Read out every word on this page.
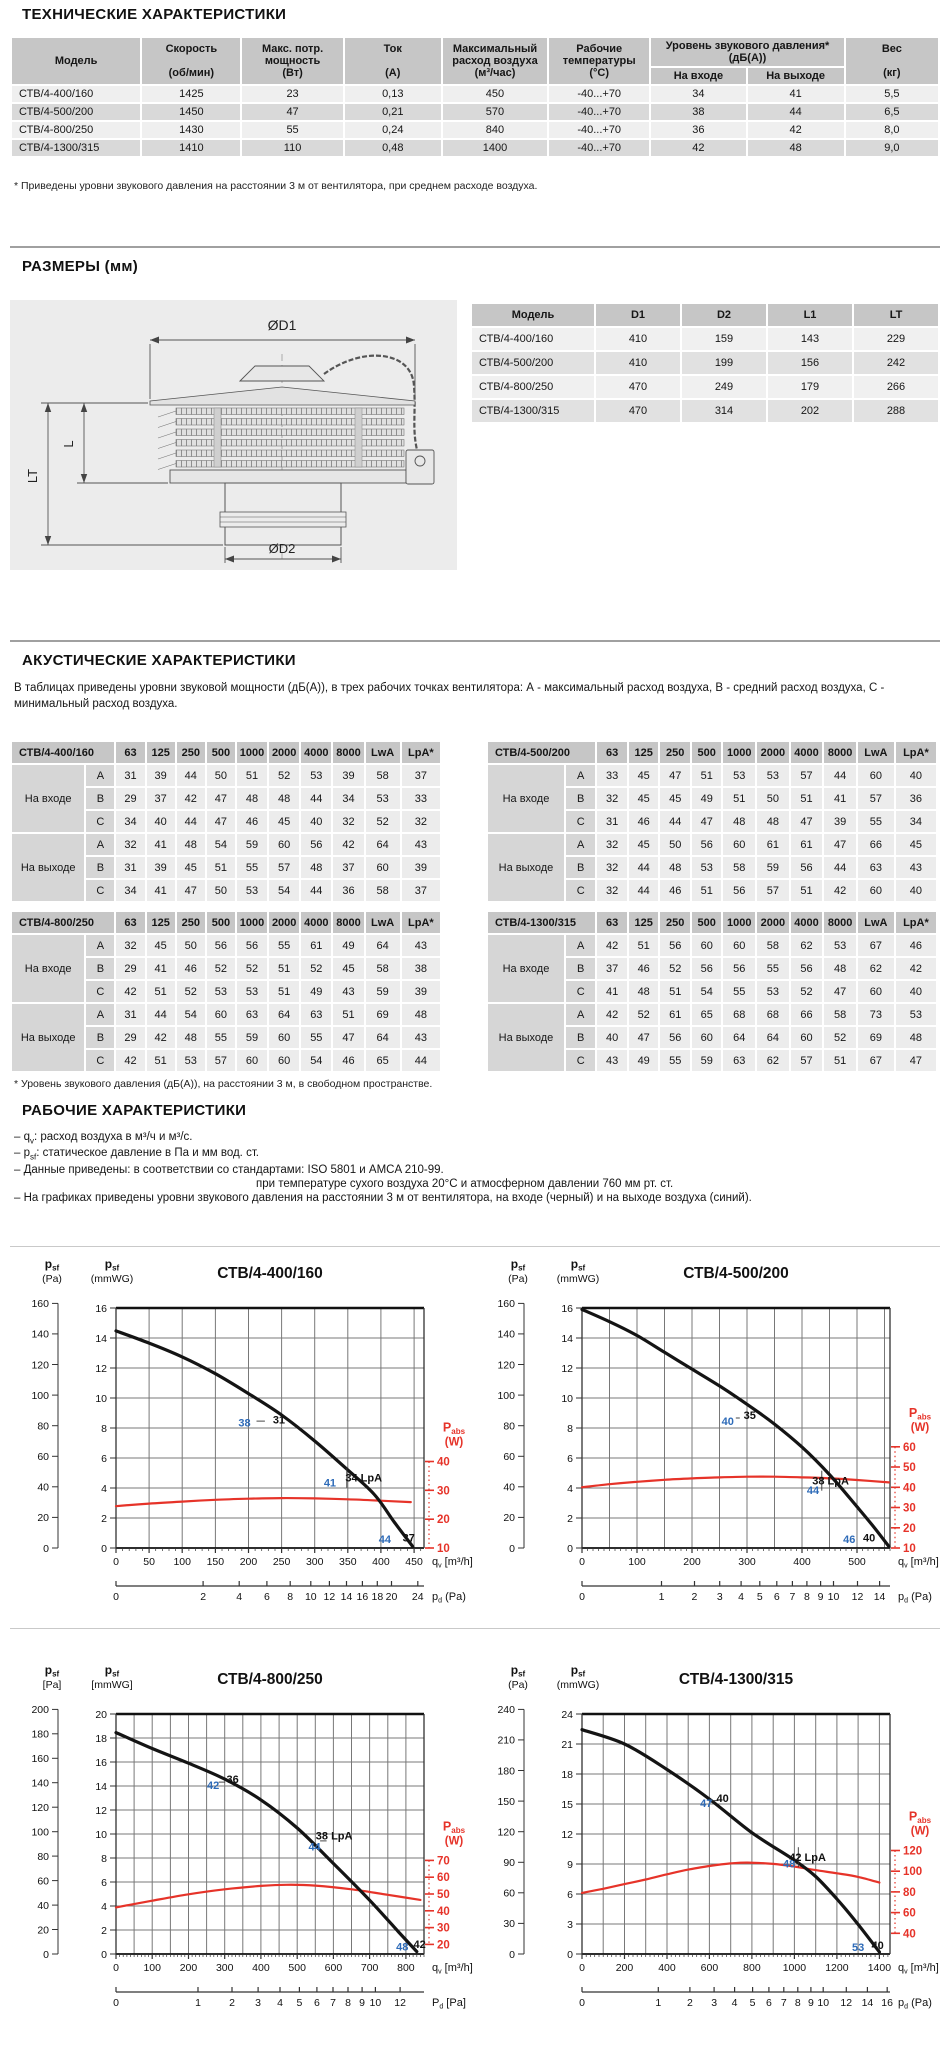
ТЕХНИЧЕСКИЕ ХАРАКТЕРИСТИКИ
Модель	Скорость

(об/мин)	Макс. потр.
мощность
(Вт)	Ток

(А)	Максимальный
расход воздуха
(м³/час)	Рабочие
температуры
(°С)	Уровень звукового давления*
(дБ(А))		Вес

(кг)
						На входе	На выходе	
СТВ/4-400/160	1425	23	0,13	450	-40...+70	34	41	5,5
СТВ/4-500/200	1450	47	0,21	570	-40...+70	38	44	6,5
СТВ/4-800/250	1430	55	0,24	840	-40...+70	36	42	8,0
СТВ/4-1300/315	1410	110	0,48	1400	-40...+70	42	48	9,0
* Приведены уровни звукового давления на расстоянии 3 м от вентилятора, при среднем расходе воздуха.
РАЗМЕРЫ (мм)
ØD1
ØD2
LT
L
Модель	D1	D2	L1	LT
СТВ/4-400/160	410	159	143	229
СТВ/4-500/200	410	199	156	242
СТВ/4-800/250	470	249	179	266
СТВ/4-1300/315	470	314	202	288
АКУСТИЧЕСКИЕ ХАРАКТЕРИСТИКИ
В таблицах приведены уровни звуковой мощности (дБ(А)), в трех рабочих точках вентилятора: А - максимальный расход воздуха, В - средний расход воздуха, С - минимальный расход воздуха.
СТВ/4-400/160		63	125	250	500	1000	2000	4000	8000	LwA	LpA*
На входе	А	31	39	44	50	51	52	53	39	58	37
	В	29	37	42	47	48	48	44	34	53	33
	С	34	40	44	47	46	45	40	32	52	32
На выходе	А	32	41	48	54	59	60	56	42	64	43
	В	31	39	45	51	55	57	48	37	60	39
	С	34	41	47	50	53	54	44	36	58	37
СТВ/4-500/200		63	125	250	500	1000	2000	4000	8000	LwA	LpA*
На входе	А	33	45	47	51	53	53	57	44	60	40
	В	32	45	45	49	51	50	51	41	57	36
	С	31	46	44	47	48	48	47	39	55	34
На выходе	А	32	45	50	56	60	61	61	47	66	45
	В	32	44	48	53	58	59	56	44	63	43
	С	32	44	46	51	56	57	51	42	60	40
СТВ/4-800/250		63	125	250	500	1000	2000	4000	8000	LwA	LpA*
На входе	А	32	45	50	56	56	55	61	49	64	43
	В	29	41	46	52	52	51	52	45	58	38
	С	42	51	52	53	53	51	49	43	59	39
На выходе	А	31	44	54	60	63	64	63	51	69	48
	В	29	42	48	55	59	60	55	47	64	43
	С	42	51	53	57	60	60	54	46	65	44
СТВ/4-1300/315		63	125	250	500	1000	2000	4000	8000	LwA	LpA*
На входе	А	42	51	56	60	60	58	62	53	67	46
	В	37	46	52	56	56	55	56	48	62	42
	С	41	48	51	54	55	53	52	47	60	40
На выходе	А	42	52	61	65	68	68	66	58	73	53
	В	40	47	56	60	64	64	60	52	69	48
	С	43	49	55	59	63	62	57	51	67	47
* Уровень звукового давления (дБ(А)), на расстоянии 3 м, в свободном пространстве.
РАБОЧИЕ ХАРАКТЕРИСТИКИ
– $q_v$: расход воздуха в м³/ч и м³/с.
– $p_{sf}$: статическое давление в Па и мм вод. ст.
– Данные приведены: в соответствии со стандартами: ISO 5801 и AMCA 210-99.
при температуре сухого воздуха 20°С и атмосферном давлении 760 мм рт. ст.
– На графиках приведены уровни звукового давления на расстоянии 3 м от вентилятора, на входе (черный) и на выходе воздуха (синий).
СТВ/4-400/160
$p_{sf}$
(Pa)
$p_{sf}$
(mmWG)
0
20
40
60
80
100
120
140
160
0
2
4
6
8
10
12
14
16
0 50 100 150 200 250 300 350 400 450 $q_v$ [m³/h]
0	2	4 6 8 10 12 14 16 18 20 24 $p_d$ (Pa)
10
20
30
40
$P_{abs}$
(W)
38 31
41 34 LpA
44 37
СТВ/4-500/200
$p_{sf}$
(Pa)
$p_{sf}$
(mmWG)
0
20
40
60
80
100
120
140
160
0
2
4
6
8
10
12
14
16
0	100	200	300	400	500	$q_v$ [m³/h]
0	1	2 3 4 5 6 7 8 9 10 12 14 $p_d$ (Pa)
10
20
30
40
50
60
$P_{abs}$
(W)
40
35
44
38 LpA
46 40
СТВ/4-800/250
$p_{sf}$
[Pa]
$p_{sf}$
[mmWG]
0
20
40
60
80
100
120
140
160
180
200
0
2
4
6
8
10
12
14
16
18
20
0 100 200 300 400 500 600 700 800 $q_v$ [m³/h]
0	1	2 3 4 5 6 7 8 9 10 12 $P_d$ [Pa]
20
30
40
50
60
70
$P_{abs}$
(W)
42
36
44
38 LpA
48 42
СТВ/4-1300/315
$p_{sf}$
(Pa)
$p_{sf}$
(mmWG)
0
30
60
90
120
150
180
210
240
0
3
6
9
12
15
18
21
24
0	200 400 600 800 1000 1200 1400 $q_v$ [m³/h]
0	1 2 3 4 5 6 7 8 9 10 12 14 16 $p_d$ (Pa)
40
60
80
100
120
$P_{abs}$
(W)
47 40
48
42 LpA
53 40
